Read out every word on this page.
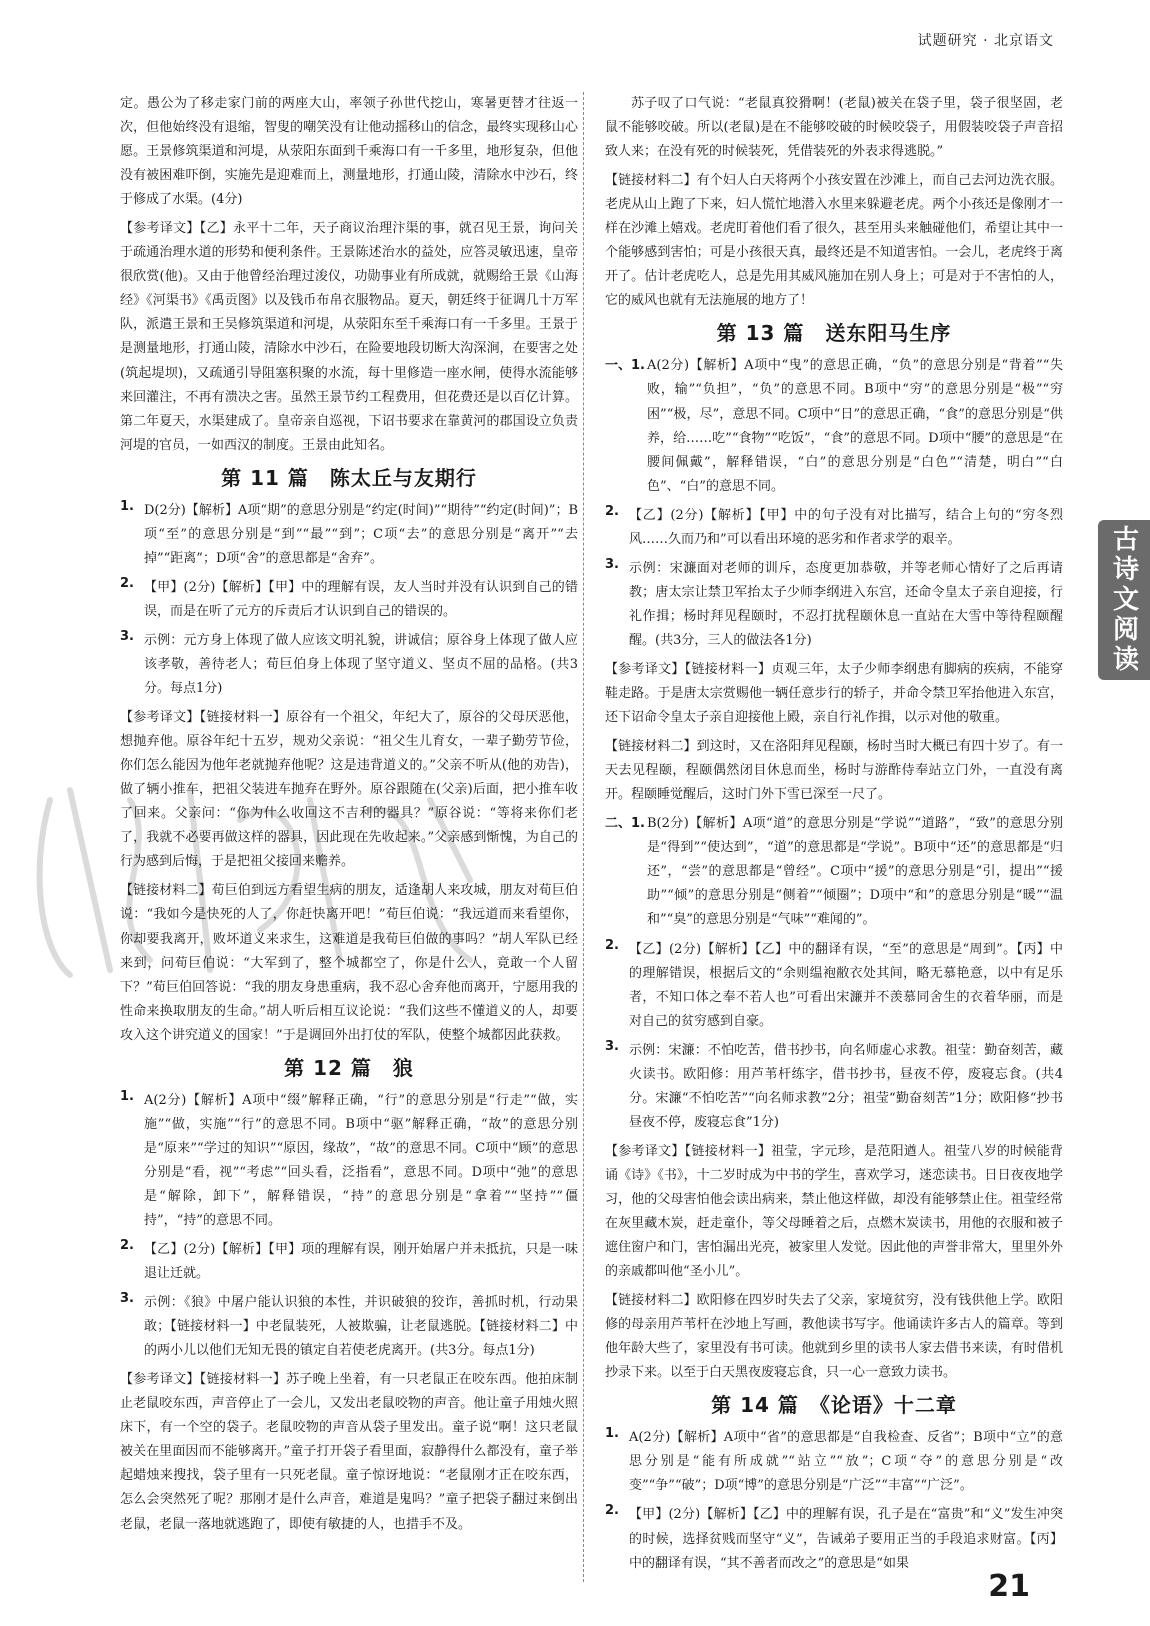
试题研究 · 北京语文

定。愚公为了移走家门前的两座大山，率领子孙世代挖山，寒暑更替才往返一次，但他始终没有退缩，智叟的嘲笑没有让他动摇移山的信念，最终实现移山心愿。王景修筑渠道和河堤，从荥阳东面到千乘海口有一千多里，地形复杂，但他没有被困难吓倒，实施先是迎难而上，测量地形，打通山陵，清除水中沙石，终于修成了水渠。(4分)

【参考译文】【乙】永平十二年，天子商议治理汴渠的事，就召见王景，询问关于疏通治理水道的形势和便利条件。王景陈述治水的益处，应答灵敏迅速，皇帝很欣赏(他)。又由于他曾经治理过浚仪，功勋事业有所成就，就赐给王景《山海经》《河渠书》《禹贡图》以及钱币布帛衣服物品。夏天，朝廷终于征调几十万军队，派遣王景和王吴修筑渠道和河堤，从荥阳东至千乘海口有一千多里。王景于是测量地形，打通山陵，清除水中沙石，在险要地段切断大沟深涧，在要害之处(筑起堤坝)，又疏通引导阻塞积聚的水流，每十里修造一座水闸，使得水流能够来回灌注，不再有溃决之害。虽然王景节约工程费用，但花费还是以百亿计算。第二年夏天，水渠建成了。皇帝亲自巡视，下诏书要求在靠黄河的郡国设立负责河堤的官员，一如西汉的制度。王景由此知名。

第 11 篇　陈太丘与友期行
1. D(2分)【解析】A项“期”的意思分别是“约定(时间)”“期待”“约定(时间)”；B项“至”的意思分别是“到”“最”“到”；C项“去”的意思分别是“离开”“去掉”“距离”；D项“舍”的意思都是“舍弃”。

2. 【甲】(2分)【解析】【甲】中的理解有误，友人当时并没有认识到自己的错误，而是在听了元方的斥责后才认识到自己的错误的。

3. 示例：元方身上体现了做人应该文明礼貌，讲诚信；原谷身上体现了做人应该孝敬，善待老人；荀巨伯身上体现了坚守道义、坚贞不屈的品格。(共3分。每点1分)

【参考译文】【链接材料一】原谷有一个祖父，年纪大了，原谷的父母厌恶他，想抛弃他。原谷年纪十五岁，规劝父亲说：“祖父生儿育女，一辈子勤劳节俭，你们怎么能因为他年老就抛弃他呢？这是违背道义的。”父亲不听从(他的劝告)，做了辆小推车，把祖父装进车抛弃在野外。原谷跟随在(父亲)后面，把小推车收了回来。父亲问：“你为什么收回这不吉利的器具？”原谷说：“等将来你们老了，我就不必要再做这样的器具，因此现在先收起来。”父亲感到惭愧，为自己的行为感到后悔，于是把祖父接回来赡养。

【链接材料二】荀巨伯到远方看望生病的朋友，适逢胡人来攻城，朋友对荀巨伯说：“我如今是快死的人了，你赶快离开吧！”荀巨伯说：“我远道而来看望你，你却要我离开，败坏道义来求生，这难道是我荀巨伯做的事吗？”胡人军队已经来到，问荀巨伯说：“大军到了，整个城都空了，你是什么人，竟敢一个人留下？”荀巨伯回答说：“我的朋友身患重病，我不忍心舍弃他而离开，宁愿用我的性命来换取朋友的生命。”胡人听后相互议论说：“我们这些不懂道义的人，却要攻入这个讲究道义的国家！”于是调回外出打仗的军队，使整个城都因此获救。

第 12 篇　狼
1. A(2分)【解析】A项中“缀”解释正确，“行”的意思分别是“行走”“做，实施”“做，实施”“行”的意思不同。B项中“驱”解释正确，“故”的意思分别是“原来”“学过的知识”“原因，缘故”，“故”的意思不同。C项中“顾”的意思分别是“看，视”“考虑”“回头看，泛指看”，意思不同。D项中“弛”的意思是“解除，卸下”，解释错误，“持”的意思分别是“拿着”“坚持”“僵持”，“持”的意思不同。

2. 【乙】(2分)【解析】【甲】项的理解有误，刚开始屠户并未抵抗，只是一味退让迁就。

3. 示例：《狼》中屠户能认识狼的本性，并识破狼的狡诈，善抓时机，行动果敢；【链接材料一】中老鼠装死，人被欺骗，让老鼠逃脱。【链接材料二】中的两小儿以他们无知无畏的镇定自若使老虎离开。(共3分。每点1分)

【参考译文】【链接材料一】苏子晚上坐着，有一只老鼠正在咬东西。他拍床制止老鼠咬东西，声音停止了一会儿，又发出老鼠咬物的声音。他让童子用烛火照床下，有一个空的袋子。老鼠咬物的声音从袋子里发出。童子说“啊！这只老鼠被关在里面因而不能够离开。”童子打开袋子看里面，寂静得什么都没有，童子举起蜡烛来搜找，袋子里有一只死老鼠。童子惊讶地说：“老鼠刚才正在咬东西，怎么会突然死了呢？那刚才是什么声音，难道是鬼吗？”童子把袋子翻过来倒出老鼠，老鼠一落地就逃跑了，即使有敏捷的人，也措手不及。

苏子叹了口气说：“老鼠真狡猾啊！(老鼠)被关在袋子里，袋子很坚固，老鼠不能够咬破。所以(老鼠)是在不能够咬破的时候咬袋子，用假装咬袋子声音招致人来；在没有死的时候装死，凭借装死的外表求得逃脱。”

【链接材料二】有个妇人白天将两个小孩安置在沙滩上，而自己去河边洗衣服。老虎从山上跑了下来，妇人慌忙地潜入水里来躲避老虎。两个小孩还是像刚才一样在沙滩上嬉戏。老虎盯着他们看了很久，甚至用头来触碰他们，希望让其中一个能够感到害怕；可是小孩很天真，最终还是不知道害怕。一会儿，老虎终于离开了。估计老虎吃人，总是先用其威风施加在别人身上；可是对于不害怕的人，它的威风也就有无法施展的地方了！

第 13 篇　送东阳马生序
一、1. A(2分)【解析】A项中“曳”的意思正确，“负”的意思分别是“背着”“失败，输”“负担”，“负”的意思不同。B项中“穷”的意思分别是“极”“穷困”“极，尽”，意思不同。C项中“日”的意思正确，“食”的意思分别是“供养，给……吃”“食物”“吃饭”，“食”的意思不同。D项中“腰”的意思是“在腰间佩戴”，解释错误，“白”的意思分别是“白色”“清楚，明白”“白色”、“白”的意思不同。

2. 【乙】(2分)【解析】【甲】中的句子没有对比描写，结合上句的“穷冬烈风……久而乃和”可以看出环境的恶劣和作者求学的艰辛。

3. 示例：宋濂面对老师的训斥，态度更加恭敬，并等老师心情好了之后再请教；唐太宗让禁卫军抬太子少师李纲进入东宫，还命令皇太子亲自迎接，行礼作揖；杨时拜见程颐时，不忍打扰程颐休息一直站在大雪中等待程颐醒醒。(共3分，三人的做法各1分)

【参考译文】【链接材料一】贞观三年，太子少师李纲患有脚病的疾病，不能穿鞋走路。于是唐太宗赏赐他一辆任意步行的轿子，并命令禁卫军抬他进入东宫，还下诏命令皇太子亲自迎接他上殿，亲自行礼作揖，以示对他的敬重。

【链接材料二】到这时，又在洛阳拜见程颐，杨时当时大概已有四十岁了。有一天去见程颐，程颐偶然闭目休息而坐，杨时与游酢侍奉站立门外，一直没有离开。程颐睡觉醒后，这时门外下雪已深至一尺了。

二、1. B(2分)【解析】A项“道”的意思分别是“学说”“道路”，“致”的意思分别是“得到”“使达到”，“道”的意思都是“学说”。B项中“还”的意思都是“归还”，“尝”的意思都是“曾经”。C项中“援”的意思分别是“引，提出”“援助”“倾”的意思分别是“侧着”“倾圈”；D项中“和”的意思分别是“暖”“温和”“臭”的意思分别是“气味”“难闻的”。

2. 【乙】(2分)【解析】【乙】中的翻译有误，“至”的意思是“周到”。【丙】中的理解错误，根据后文的“余则缊袍敝衣处其间，略无慕艳意，以中有足乐者，不知口体之奉不若人也”可看出宋濂并不羡慕同舍生的衣着华丽，而是对自己的贫穷感到自豪。

3. 示例：宋濂：不怕吃苦，借书抄书，向名师虚心求教。祖莹：勤奋刻苦，藏火读书。欧阳修：用芦苇杆练字，借书抄书，昼夜不停，废寝忘食。(共4分。宋濂“不怕吃苦”“向名师求教”2分；祖莹“勤奋刻苦”1分；欧阳修“抄书昼夜不停，废寝忘食”1分)

【参考译文】【链接材料一】祖莹，字元珍，是范阳遒人。祖莹八岁的时候能背诵《诗》《书》，十二岁时成为中书的学生，喜欢学习，迷恋读书。日日夜夜地学习，他的父母害怕他会读出病来，禁止他这样做，却没有能够禁止住。祖莹经常在灰里藏木炭，赶走童仆，等父母睡着之后，点燃木炭读书，用他的衣服和被子遮住窗户和门，害怕漏出光亮，被家里人发觉。因此他的声誉非常大，里里外外的亲戚都叫他“圣小儿”。

【链接材料二】欧阳修在四岁时失去了父亲，家境贫穷，没有钱供他上学。欧阳修的母亲用芦苇杆在沙地上写画，教他读书写字。他诵读许多古人的篇章。等到他年龄大些了，家里没有书可读。他就到乡里的读书人家去借书来读，有时借机抄录下来。以至于白天黑夜废寝忘食，只一心一意致力读书。

第 14 篇　《论语》十二章
1. A(2分)【解析】A项中“省”的意思都是“自我检查、反省”；B项中“立”的意思分别是“能有所成就”“站立”“放”；C项“夺”的意思分别是“改变”“争”“破”；D项“博”的意思分别是“广泛”“丰富”“广泛”。

2. 【甲】(2分)【解析】【乙】中的理解有误，孔子是在“富贵”和“义”发生冲突的时候，选择贫贱而坚守“义”，告诫弟子要用正当的手段追求财富。【丙】中的翻译有误，“其不善者而改之”的意思是“如果

古诗文阅读
21
